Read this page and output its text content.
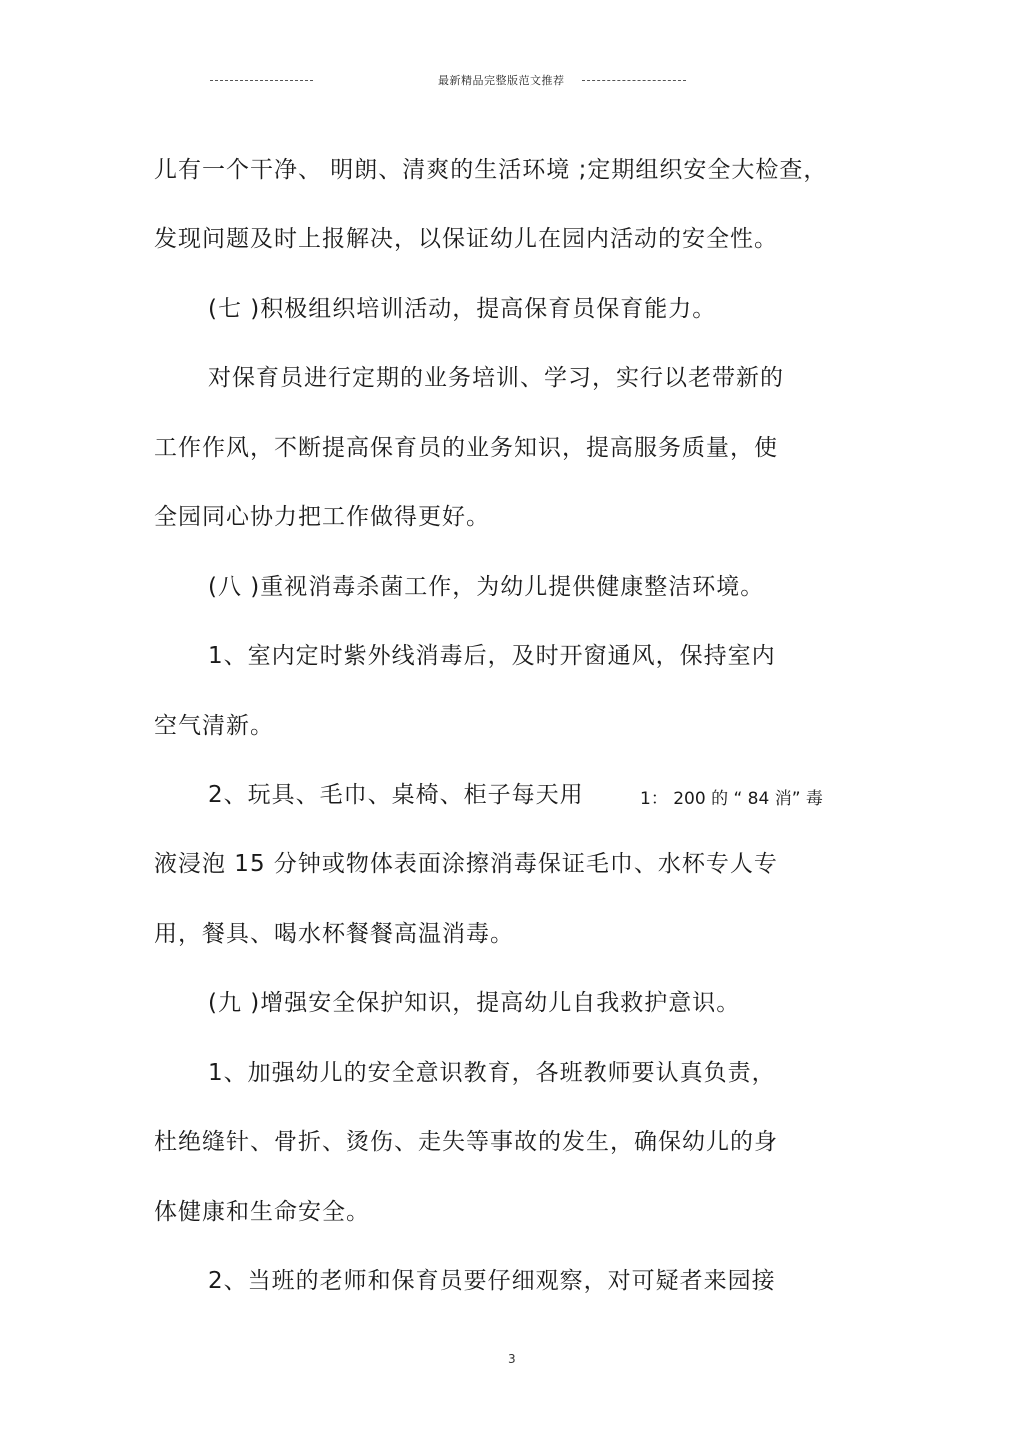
最新精品完整版范文推荐
儿有一个干净、 明朗、清爽的生活环境 ;定期组织安全大检查，
发现问题及时上报解决，以保证幼儿在园内活动的安全性。
(七 )积极组织培训活动，提高保育员保育能力。
对保育员进行定期的业务培训、学习，实行以老带新的
工作作风，不断提高保育员的业务知识，提高服务质量，使
全园同心协力把工作做得更好。
(八 )重视消毒杀菌工作，为幼儿提供健康整洁环境。
1、室内定时紫外线消毒后，及时开窗通风，保持室内
空气清新。
2、玩具、毛巾、桌椅、柜子每天用	1： 200 的 “ 84 消” 毒
液浸泡 15 分钟或物体表面涂擦消毒保证毛巾、水杯专人专
用，餐具、喝水杯餐餐高温消毒。
(九 )增强安全保护知识，提高幼儿自我救护意识。
1、加强幼儿的安全意识教育，各班教师要认真负责，
杜绝缝针、骨折、烫伤、走失等事故的发生，确保幼儿的身
体健康和生命安全。
2、当班的老师和保育员要仔细观察，对可疑者来园接
3
